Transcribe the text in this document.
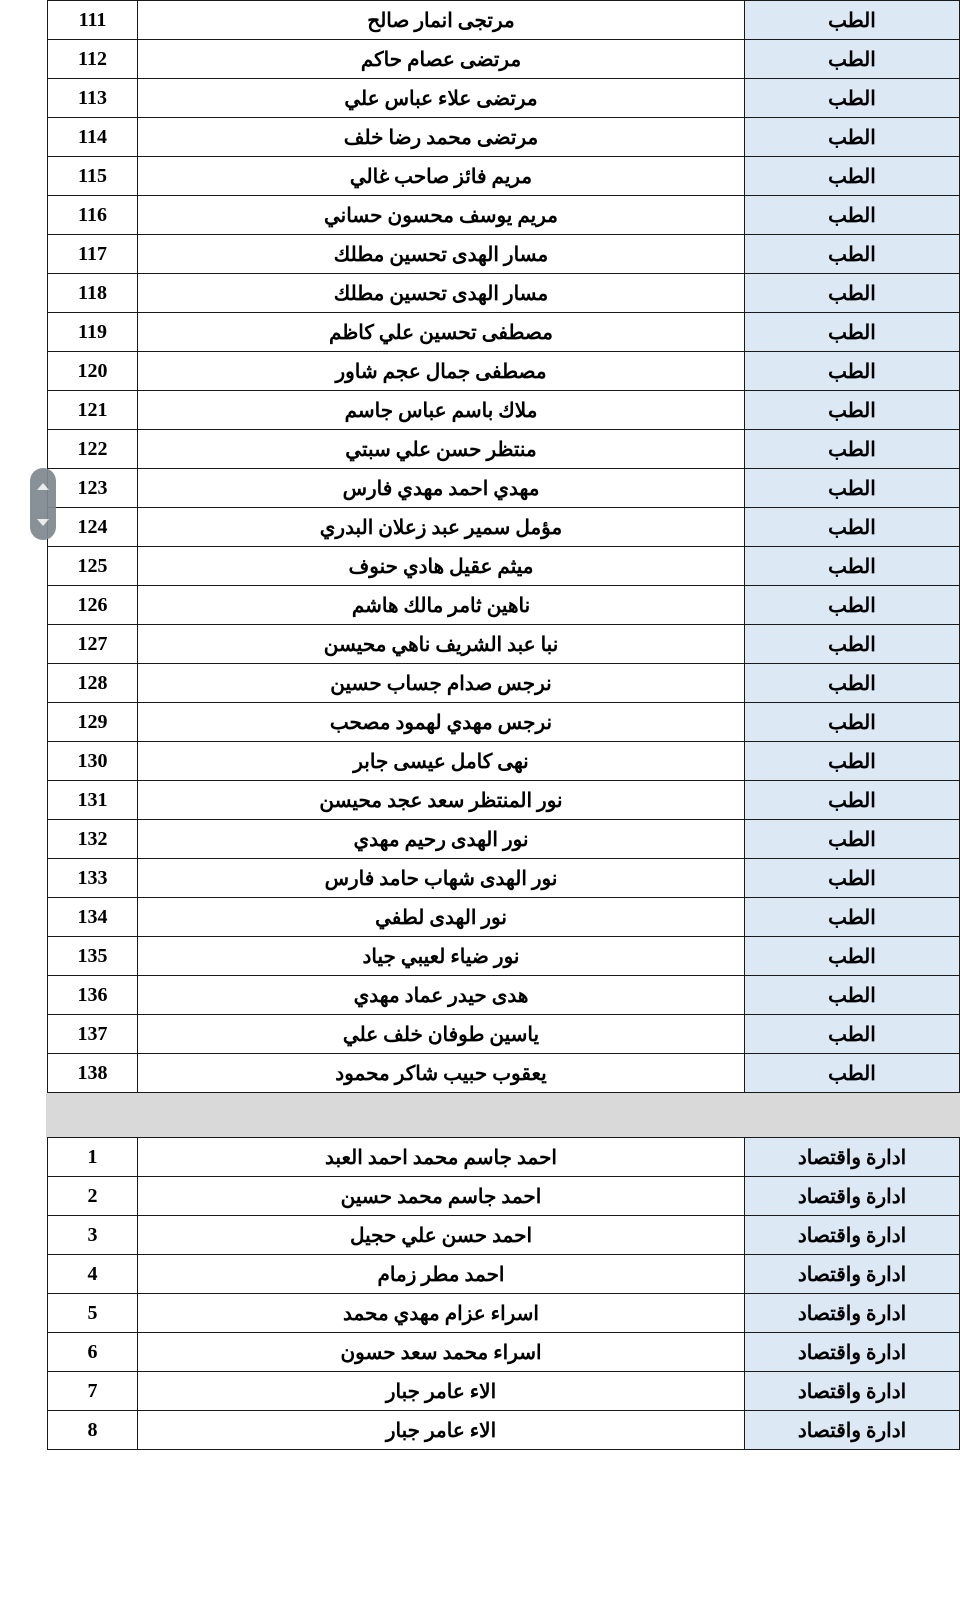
الطب	مرتجى انمار صالح	111
الطب	مرتضى عصام حاكم	112
الطب	مرتضى علاء عباس علي	113
الطب	مرتضى محمد رضا خلف	114
الطب	مريم فائز صاحب غالي	115
الطب	مريم يوسف محسون حساني	116
الطب	مسار الهدى تحسين مطلك	117
الطب	مسار الهدى تحسين مطلك	118
الطب	مصطفى تحسين علي كاظم	119
الطب	مصطفى جمال عجم شاور	120
الطب	ملاك باسم عباس جاسم	121
الطب	منتظر حسن علي سبتي	122
الطب	مهدي احمد مهدي فارس	123
الطب	مؤمل سمير عبد زعلان البدري	124
الطب	ميثم عقيل هادي حنوف	125
الطب	ناهين ثامر مالك هاشم	126
الطب	نبا عبد الشريف ناهي محيسن	127
الطب	نرجس صدام جساب حسين	128
الطب	نرجس مهدي لهمود مصحب	129
الطب	نهى كامل عيسى جابر	130
الطب	نور المنتظر سعد عجد محيسن	131
الطب	نور الهدى رحيم مهدي	132
الطب	نور الهدى شهاب حامد فارس	133
الطب	نور الهدى لطفي	134
الطب	نور ضياء لعيبي جياد	135
الطب	هدى حيدر عماد مهدي	136
الطب	ياسين طوفان خلف علي	137
الطب	يعقوب حبيب شاكر محمود	138
ادارة واقتصاد	احمد جاسم محمد احمد العبد	1
ادارة واقتصاد	احمد جاسم محمد حسين	2
ادارة واقتصاد	احمد حسن علي حجيل	3
ادارة واقتصاد	احمد مطر زمام	4
ادارة واقتصاد	اسراء عزام مهدي محمد	5
ادارة واقتصاد	اسراء محمد سعد حسون	6
ادارة واقتصاد	الاء عامر جبار	7
ادارة واقتصاد	الاء عامر جبار	8
